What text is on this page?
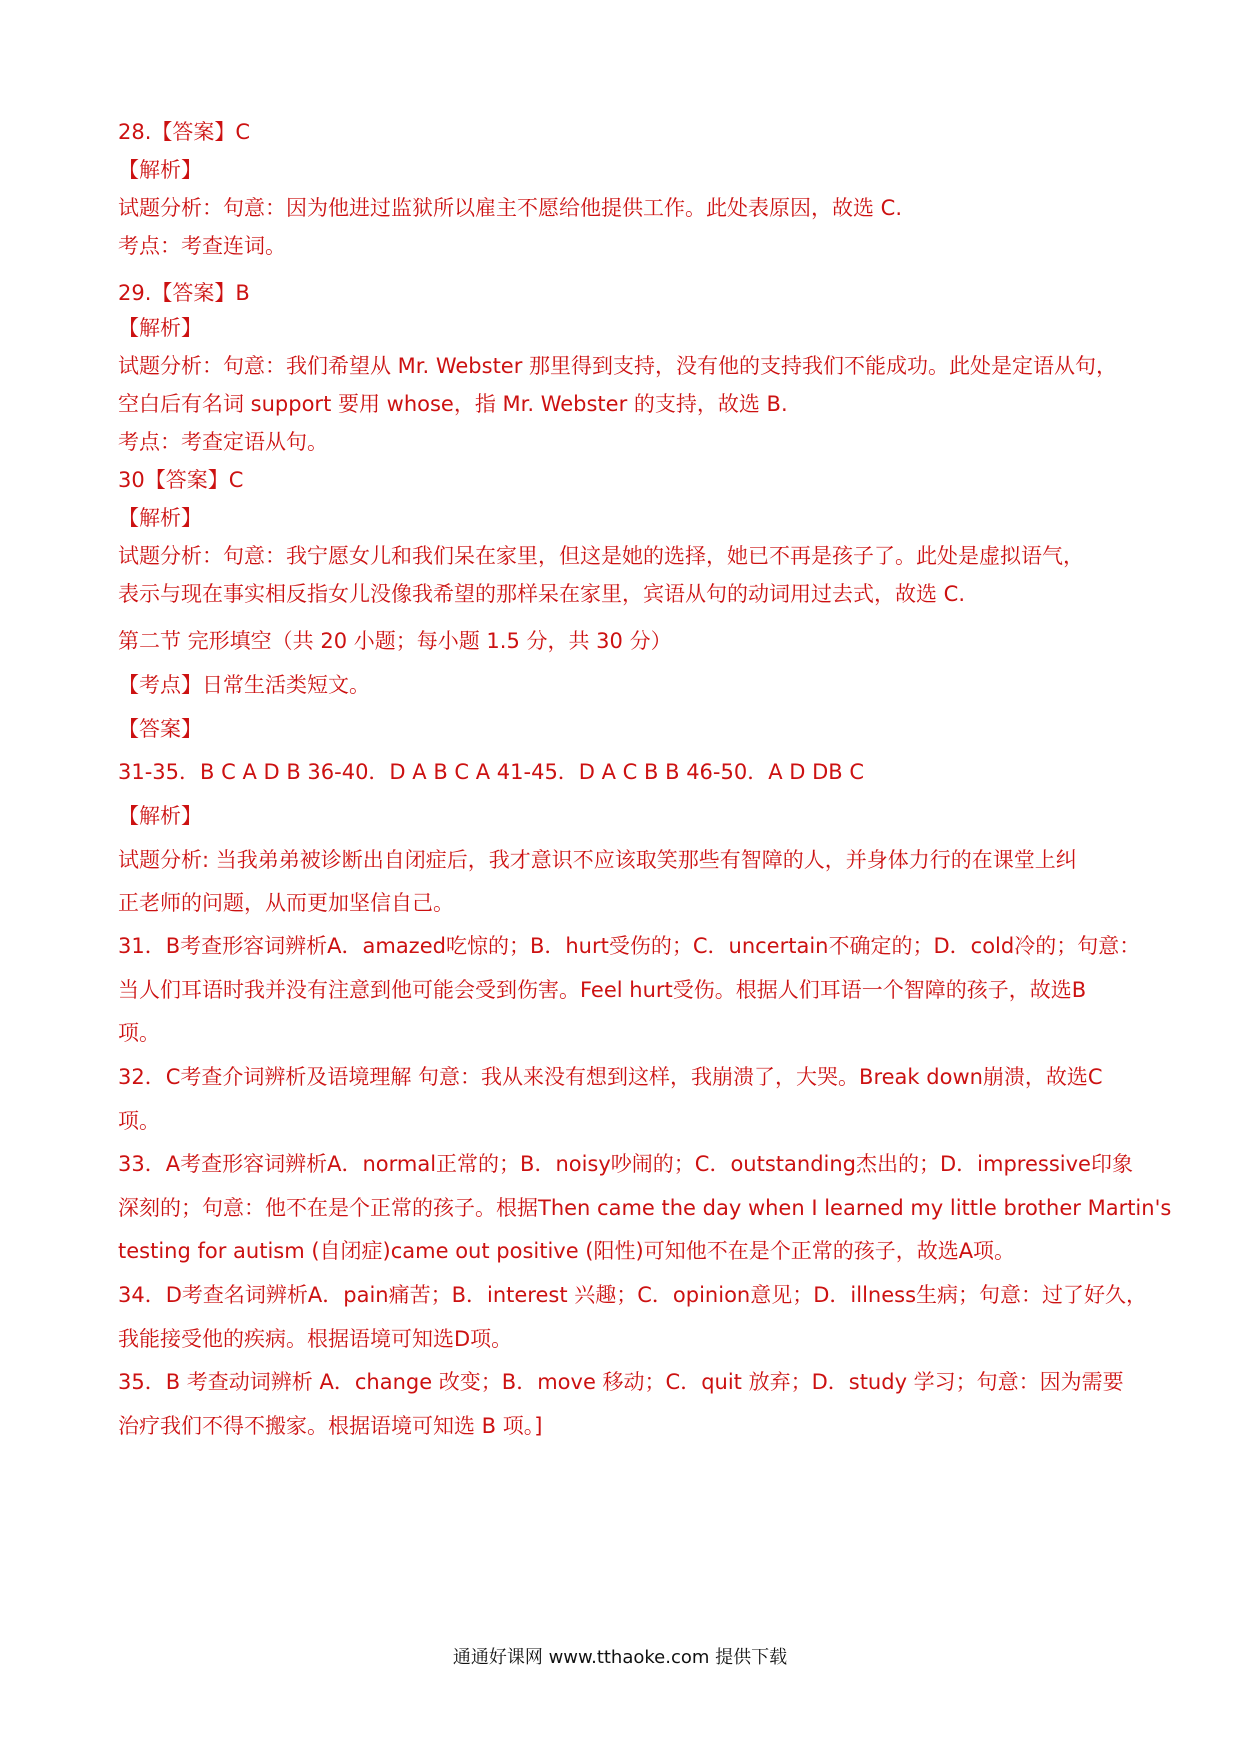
28.【答案】C
【解析】
试题分析：句意：因为他进过监狱所以雇主不愿给他提供工作。此处表原因，故选 C.
考点：考查连词。
29.【答案】B
【解析】
试题分析：句意：我们希望从 Mr. Webster 那里得到支持，没有他的支持我们不能成功。此处是定语从句，
空白后有名词 support 要用 whose，指 Mr. Webster 的支持，故选 B.
考点：考查定语从句。
30【答案】C
【解析】
试题分析：句意：我宁愿女儿和我们呆在家里，但这是她的选择，她已不再是孩子了。此处是虚拟语气，
表示与现在事实相反指女儿没像我希望的那样呆在家里，宾语从句的动词用过去式，故选 C.
第二节 完形填空（共 20 小题；每小题 1.5 分，共 30 分）
【考点】日常生活类短文。
【答案】
31-35．B C A D B 36-40．D A B C A 41-45．D A C B B 46-50．A D DB C
【解析】
试题分析: 当我弟弟被诊断出自闭症后，我才意识不应该取笑那些有智障的人，并身体力行的在课堂上纠
正老师的问题，从而更加坚信自己。
31．B考查形容词辨析A．amazed吃惊的；B．hurt受伤的；C．uncertain不确定的；D．cold冷的；句意：
当人们耳语时我并没有注意到他可能会受到伤害。Feel hurt受伤。根据人们耳语一个智障的孩子，故选B
项。
32．C考查介词辨析及语境理解 句意：我从来没有想到这样，我崩溃了，大哭。Break down崩溃，故选C
项。
33．A考查形容词辨析A．normal正常的；B．noisy吵闹的；C．outstanding杰出的；D．impressive印象
深刻的；句意：他不在是个正常的孩子。根据Then came the day when I learned my little brother Martin's
testing for autism (自闭症)came out positive (阳性)可知他不在是个正常的孩子，故选A项。
34．D考查名词辨析A．pain痛苦；B．interest 兴趣；C．opinion意见；D．illness生病；句意：过了好久，
我能接受他的疾病。根据语境可知选D项。
35．B 考查动词辨析 A．change 改变；B．move 移动；C．quit 放弃；D．study 学习；句意：因为需要
治疗我们不得不搬家。根据语境可知选 B 项。]
通通好课网 www.tthaoke.com 提供下载
